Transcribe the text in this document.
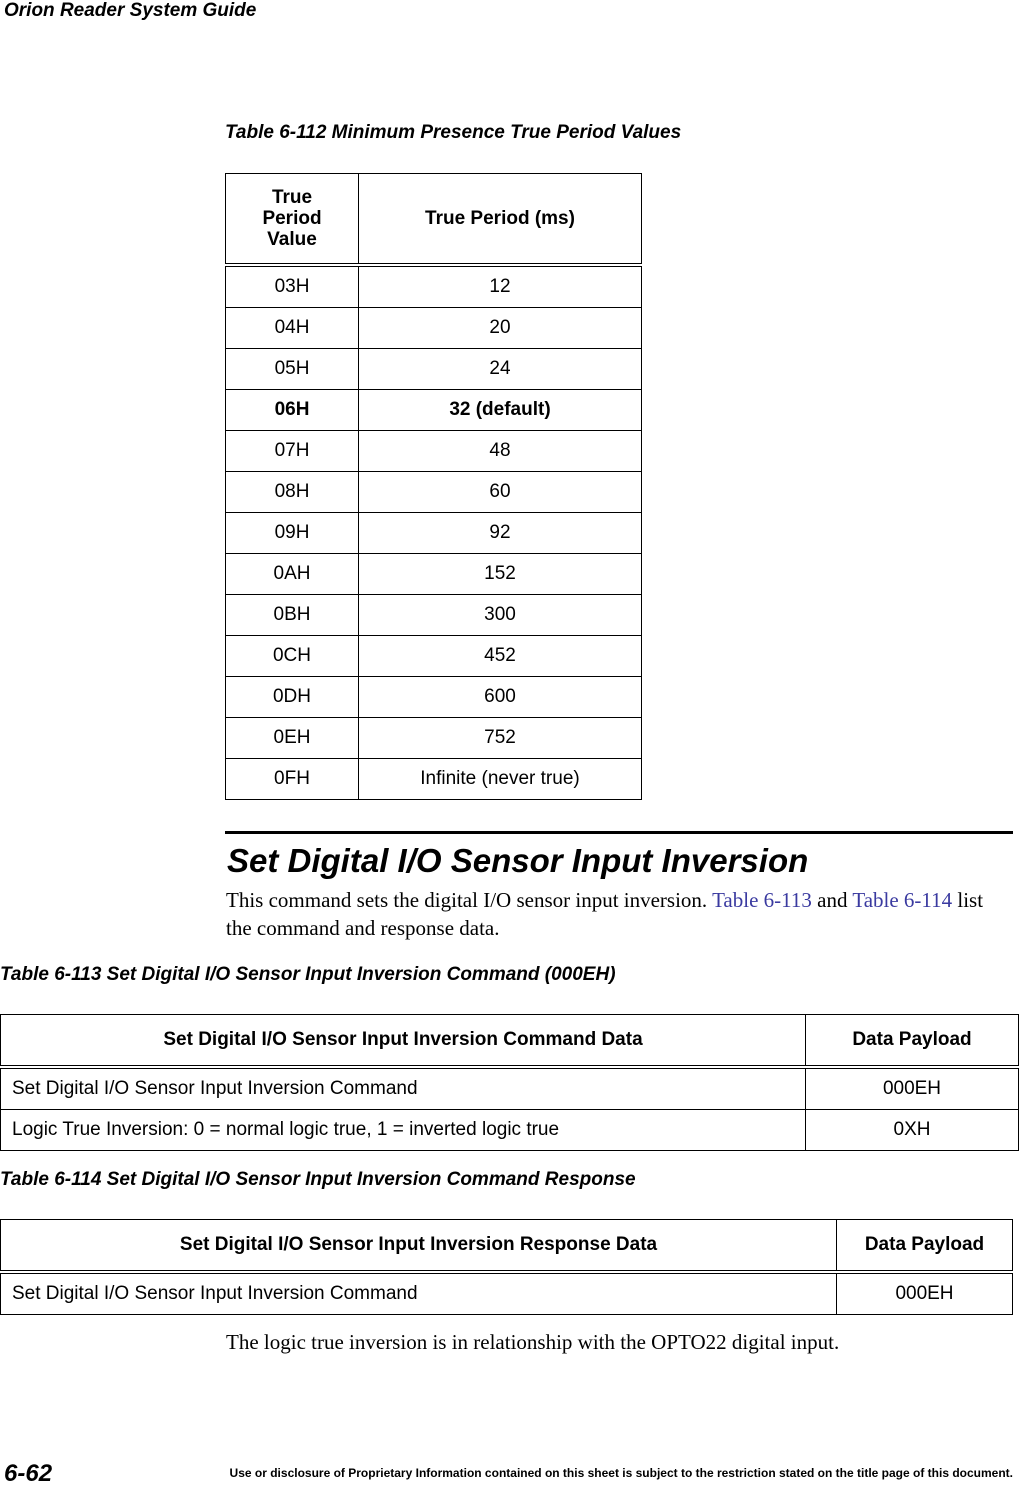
Orion Reader System Guide
Table 6-112 Minimum Presence True Period Values
True Period Value	True Period (ms)
03H	12
04H	20
05H	24
06H	32 (default)
07H	48
08H	60
09H	92
0AH	152
0BH	300
0CH	452
0DH	600
0EH	752
0FH	Infinite (never true)
Set Digital I/O Sensor Input Inversion
This command sets the digital I/O sensor input inversion. Table 6-113 and Table 6-114 list the command and response data.
Table 6-113 Set Digital I/O Sensor Input Inversion Command (000EH)
Set Digital I/O Sensor Input Inversion Command Data	Data Payload
Set Digital I/O Sensor Input Inversion Command	000EH
Logic True Inversion: 0 = normal logic true, 1 = inverted logic true	0XH
Table 6-114 Set Digital I/O Sensor Input Inversion Command Response
Set Digital I/O Sensor Input Inversion Response Data	Data Payload
Set Digital I/O Sensor Input Inversion Command	000EH
The logic true inversion is in relationship with the OPTO22 digital input.
6-62	Use or disclosure of Proprietary Information contained on this sheet is subject to the restriction stated on the title page of this document.
